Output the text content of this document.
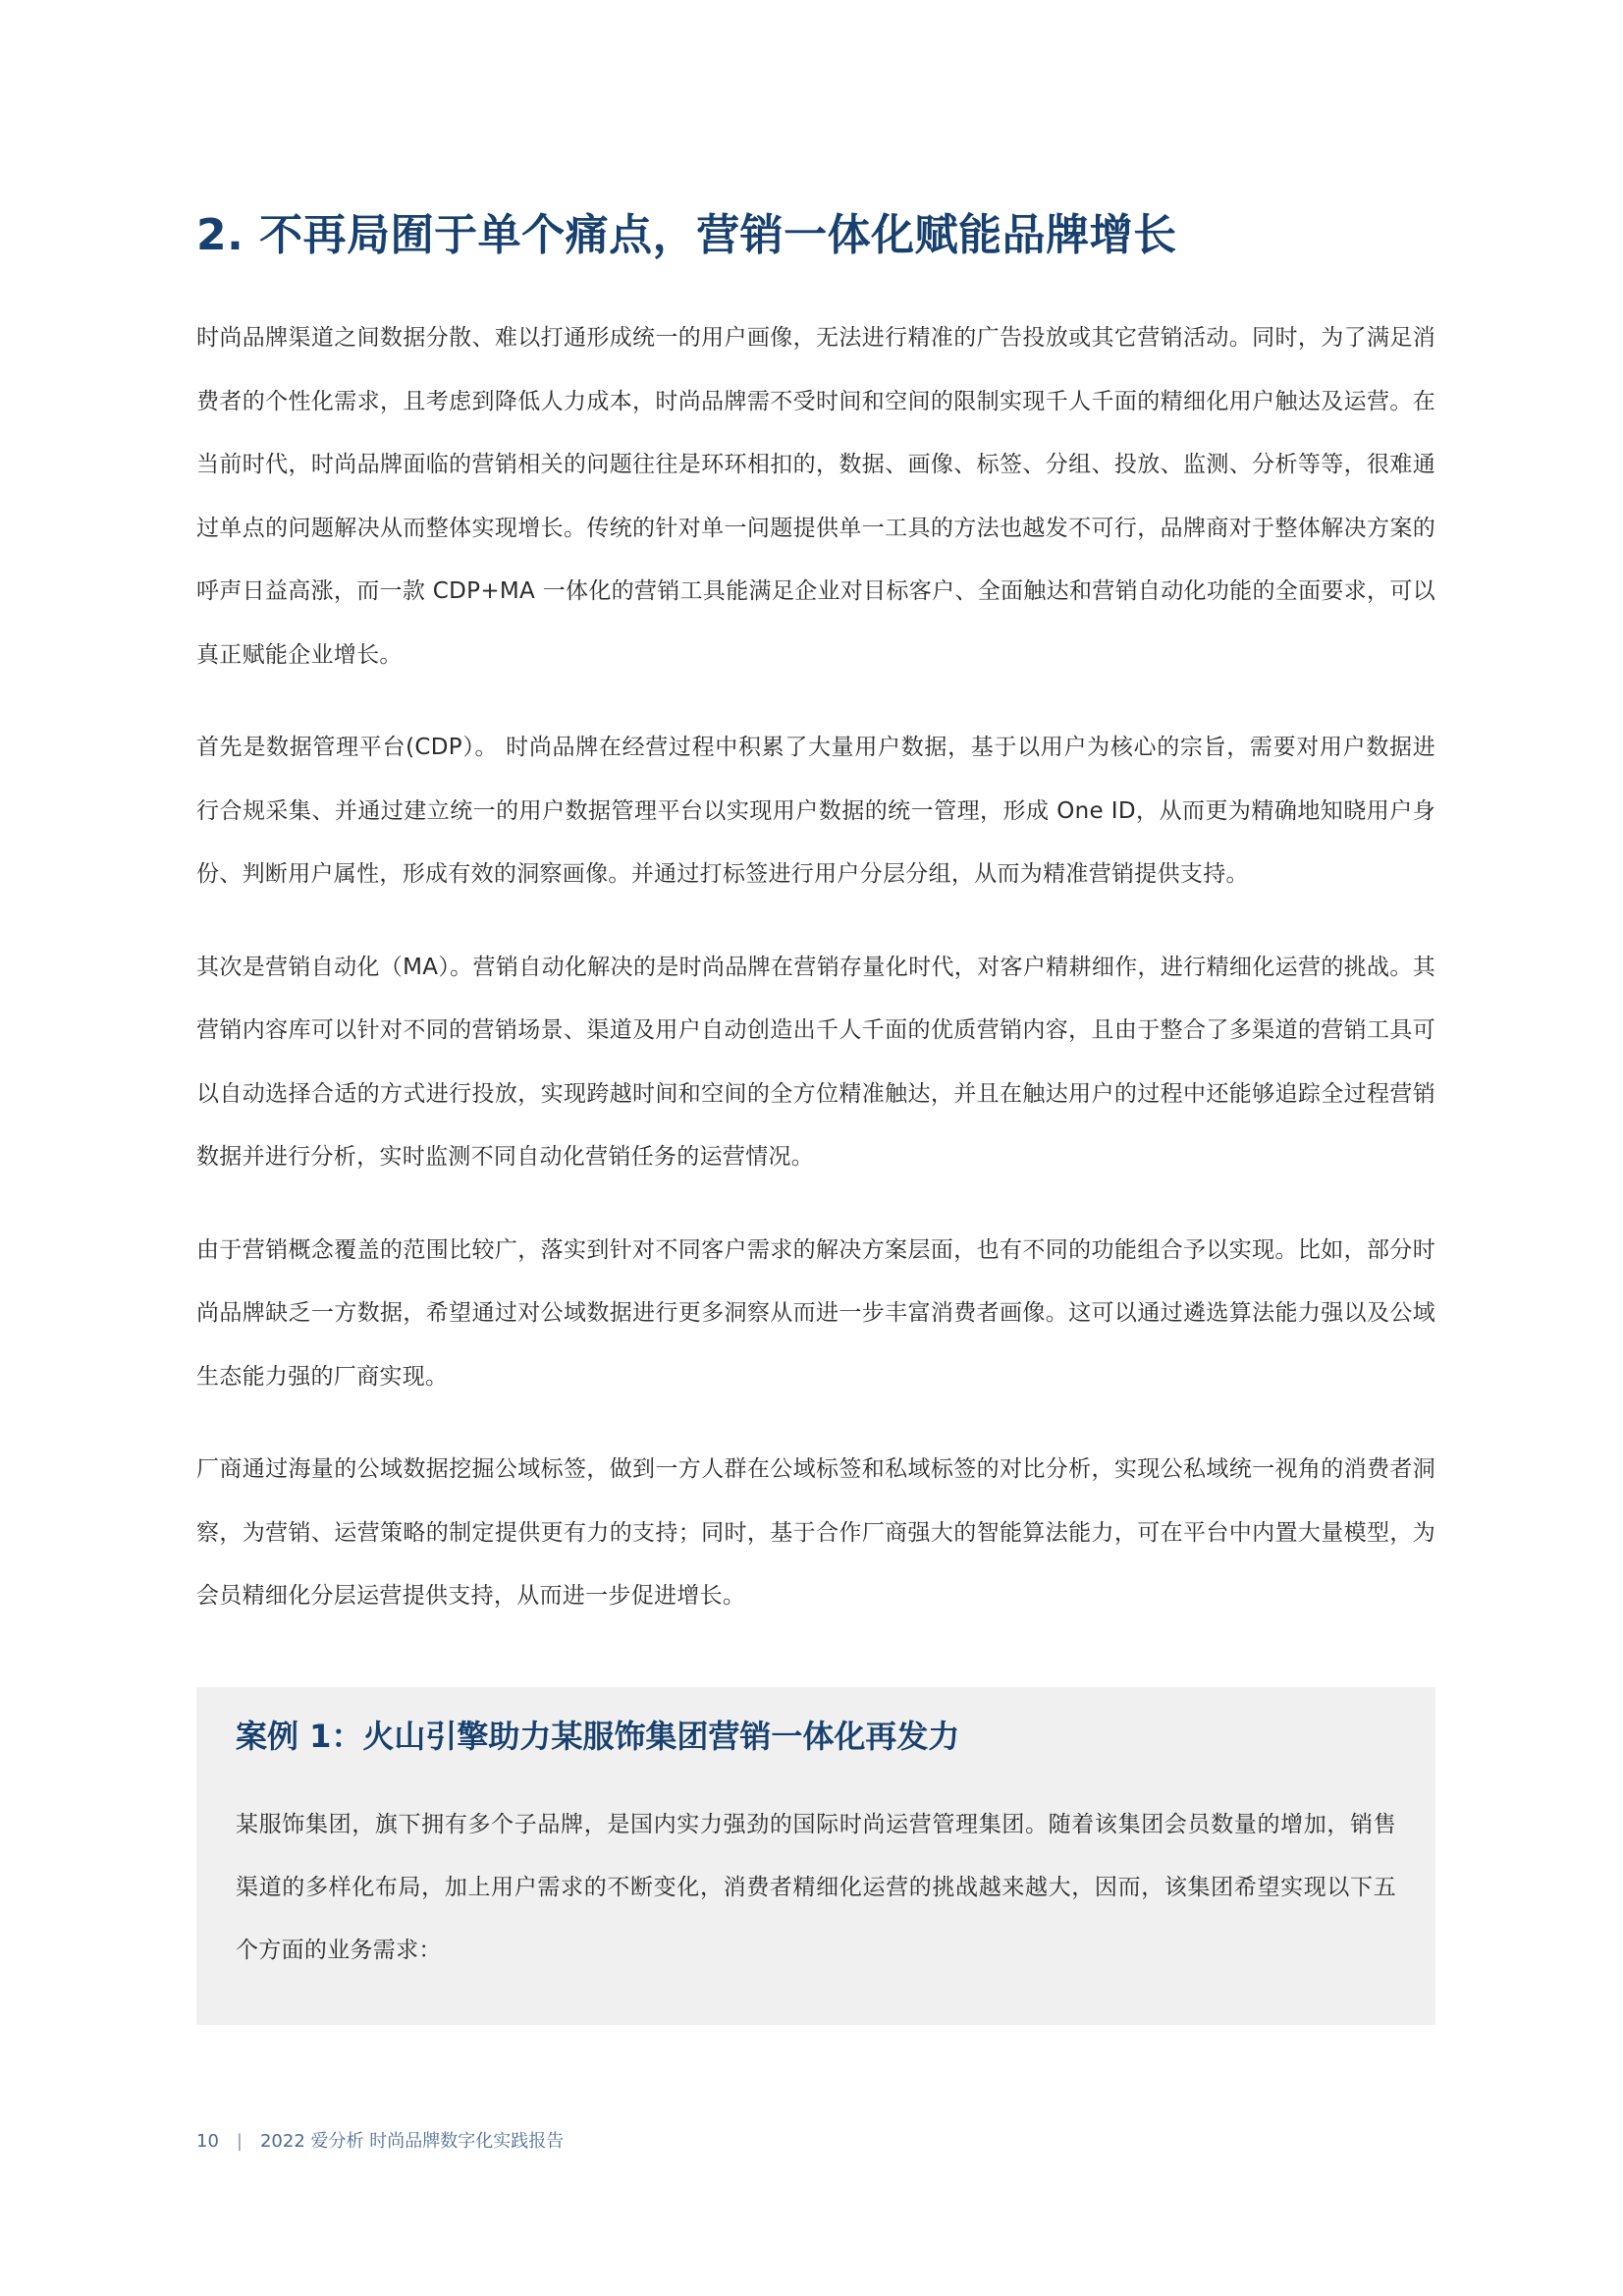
2. 不再局囿于单个痛点，营销一体化赋能品牌增长

时尚品牌渠道之间数据分散、难以打通形成统一的用户画像，无法进行精准的广告投放或其它营销活动。同时，为了满足消费者的个性化需求，且考虑到降低人力成本，时尚品牌需不受时间和空间的限制实现千人千面的精细化用户触达及运营。在当前时代，时尚品牌面临的营销相关的问题往往是环环相扣的，数据、画像、标签、分组、投放、监测、分析等等，很难通过单点的问题解决从而整体实现增长。传统的针对单一问题提供单一工具的方法也越发不可行，品牌商对于整体解决方案的呼声日益高涨，而一款 CDP+MA 一体化的营销工具能满足企业对目标客户、全面触达和营销自动化功能的全面要求，可以真正赋能企业增长。

首先是数据管理平台(CDP）。 时尚品牌在经营过程中积累了大量用户数据，基于以用户为核心的宗旨，需要对用户数据进行合规采集、并通过建立统一的用户数据管理平台以实现用户数据的统一管理，形成 One ID，从而更为精确地知晓用户身份、判断用户属性，形成有效的洞察画像。并通过打标签进行用户分层分组，从而为精准营销提供支持。

其次是营销自动化（MA）。营销自动化解决的是时尚品牌在营销存量化时代，对客户精耕细作，进行精细化运营的挑战。其营销内容库可以针对不同的营销场景、渠道及用户自动创造出千人千面的优质营销内容，且由于整合了多渠道的营销工具可以自动选择合适的方式进行投放，实现跨越时间和空间的全方位精准触达，并且在触达用户的过程中还能够追踪全过程营销数据并进行分析，实时监测不同自动化营销任务的运营情况。

由于营销概念覆盖的范围比较广，落实到针对不同客户需求的解决方案层面，也有不同的功能组合予以实现。比如，部分时尚品牌缺乏一方数据，希望通过对公域数据进行更多洞察从而进一步丰富消费者画像。这可以通过遴选算法能力强以及公域生态能力强的厂商实现。

厂商通过海量的公域数据挖掘公域标签，做到一方人群在公域标签和私域标签的对比分析，实现公私域统一视角的消费者洞察，为营销、运营策略的制定提供更有力的支持；同时，基于合作厂商强大的智能算法能力，可在平台中内置大量模型，为会员精细化分层运营提供支持，从而进一步促进增长。

案例 1：火山引擎助力某服饰集团营销一体化再发力

某服饰集团，旗下拥有多个子品牌，是国内实力强劲的国际时尚运营管理集团。随着该集团会员数量的增加，销售渠道的多样化布局，加上用户需求的不断变化，消费者精细化运营的挑战越来越大，因而，该集团希望实现以下五个方面的业务需求：

10 | 2022 爱分析 时尚品牌数字化实践报告
